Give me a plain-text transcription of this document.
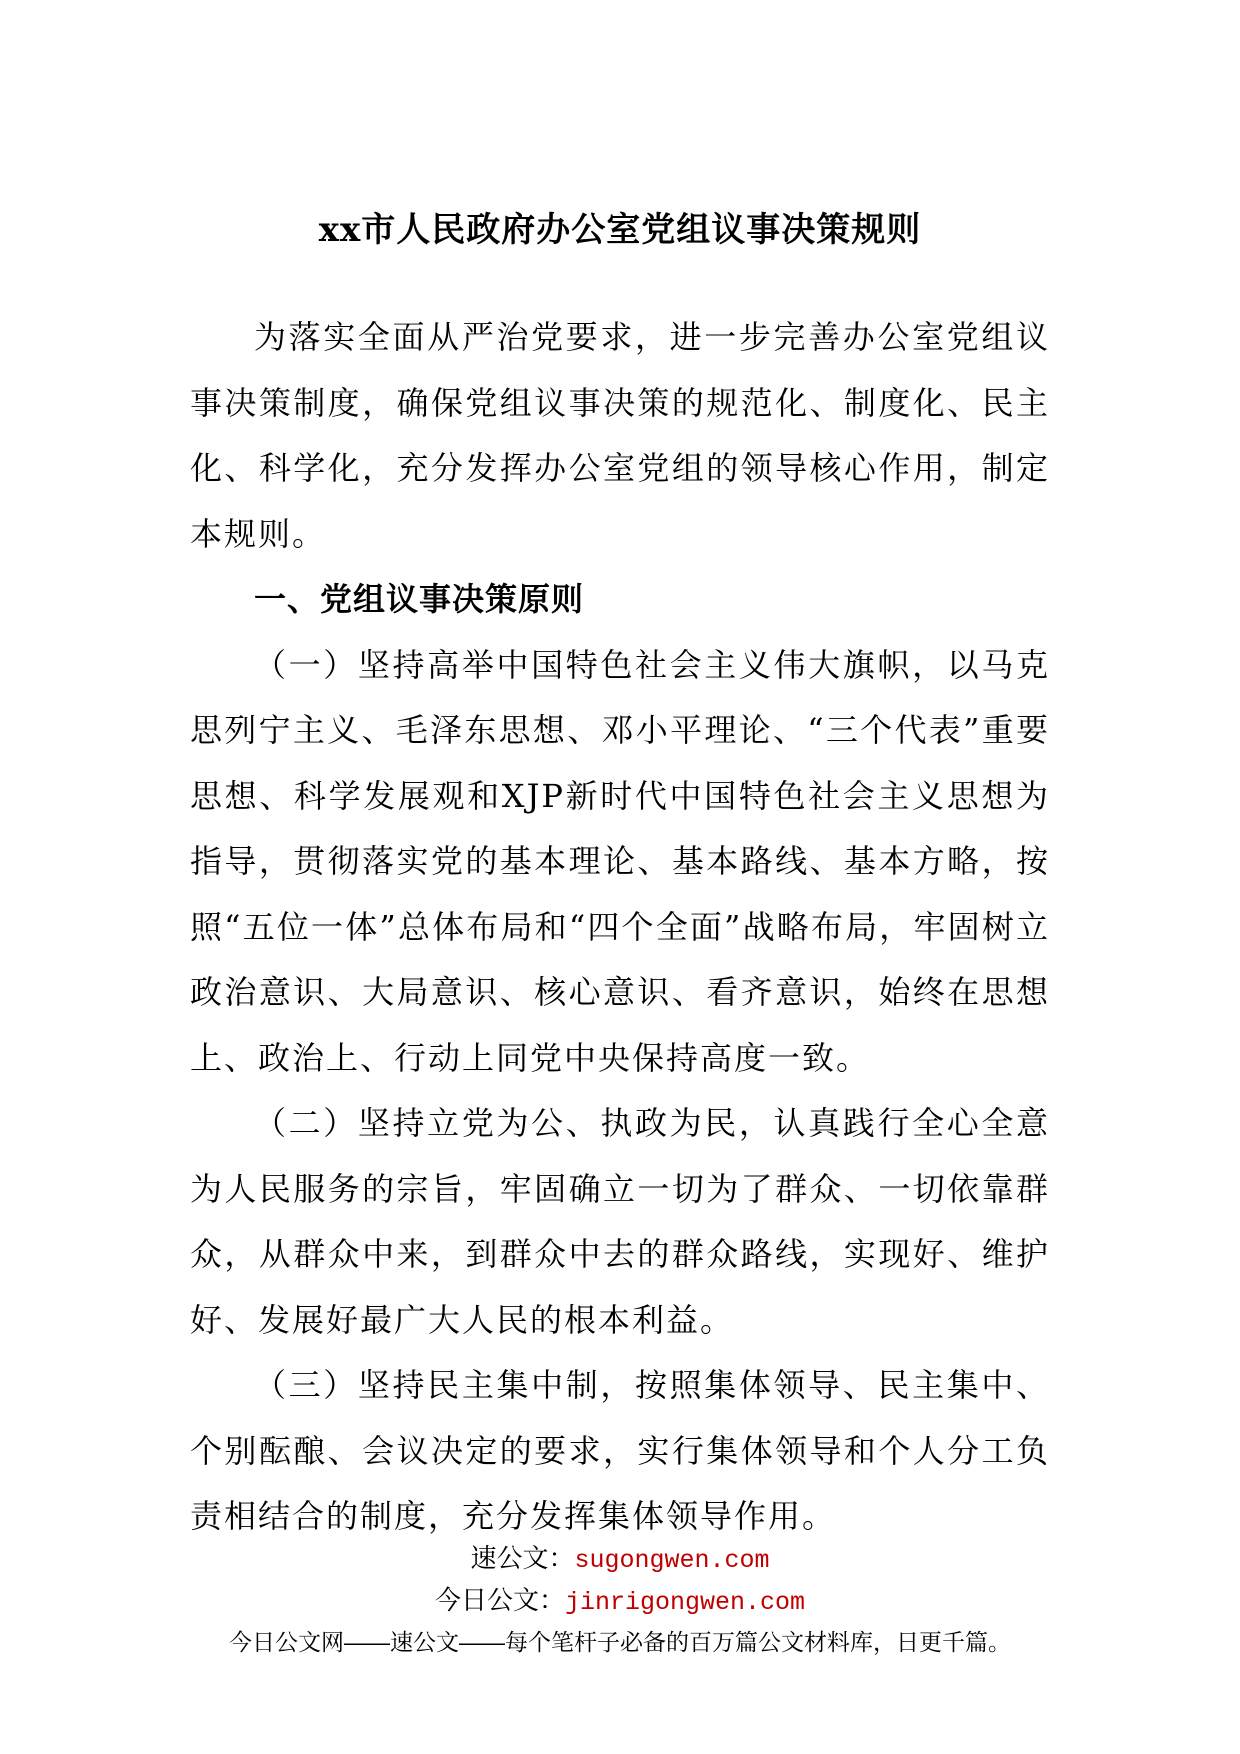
xx市人民政府办公室党组议事决策规则

为落实全面从严治党要求，进一步完善办公室党组议事决策制度，确保党组议事决策的规范化、制度化、民主化、科学化，充分发挥办公室党组的领导核心作用，制定本规则。

一、党组议事决策原则

（一）坚持高举中国特色社会主义伟大旗帜，以马克思列宁主义、毛泽东思想、邓小平理论、“三个代表”重要思想、科学发展观和XJP新时代中国特色社会主义思想为指导，贯彻落实党的基本理论、基本路线、基本方略，按照“五位一体”总体布局和“四个全面”战略布局，牢固树立政治意识、大局意识、核心意识、看齐意识，始终在思想上、政治上、行动上同党中央保持高度一致。

（二）坚持立党为公、执政为民，认真践行全心全意为人民服务的宗旨，牢固确立一切为了群众、一切依靠群众，从群众中来，到群众中去的群众路线，实现好、维护好、发展好最广大人民的根本利益。

（三）坚持民主集中制，按照集体领导、民主集中、个别酝酿、会议决定的要求，实行集体领导和个人分工负责相结合的制度，充分发挥集体领导作用。

速公文：sugongwen.com
今日公文：jinrigongwen.com
今日公文网——速公文——每个笔杆子必备的百万篇公文材料库，日更千篇。
